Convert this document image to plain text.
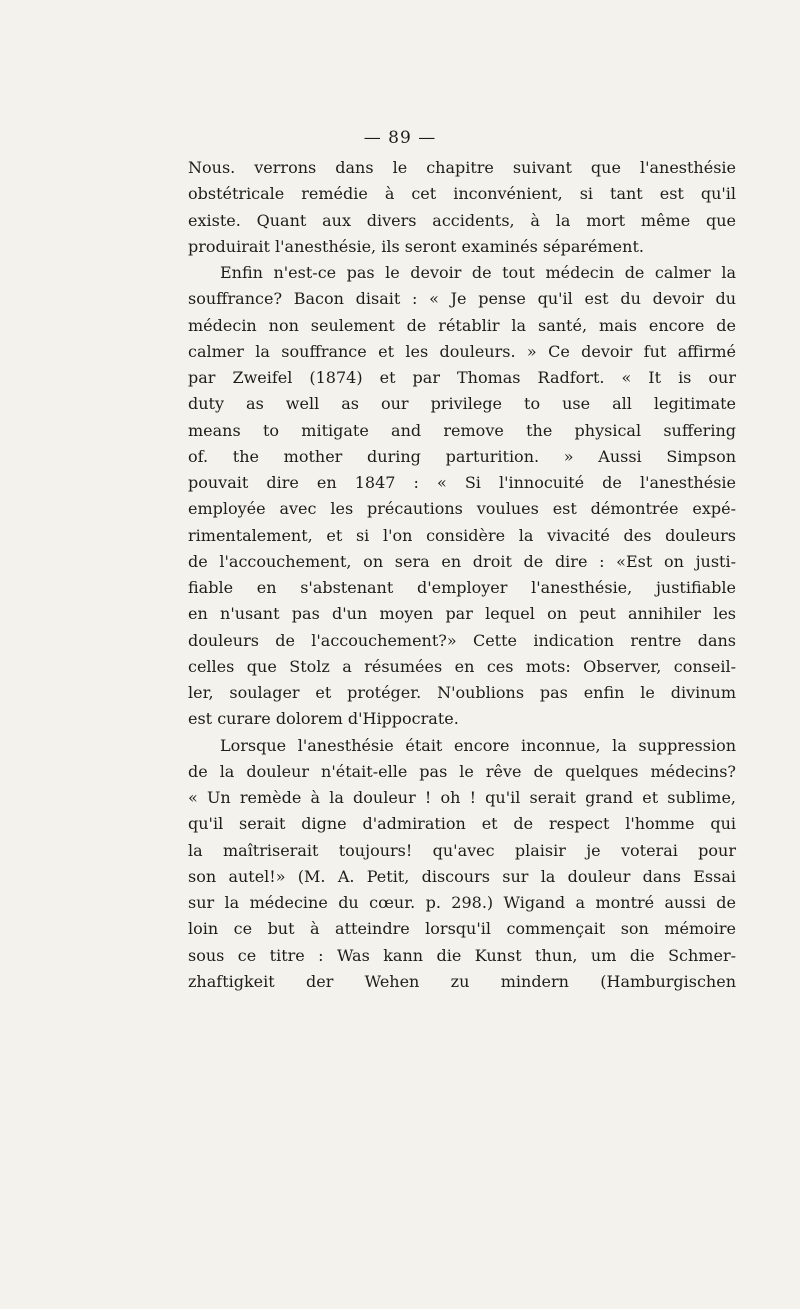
— 89 —
Nous. verrons dans le chapitre suivant que l'anesthésie
obstétricale remédie à cet inconvénient, si tant est qu'il
existe. Quant aux divers accidents, à la mort même que
produirait l'anesthésie, ils seront examinés séparément.
Enfin n'est-ce pas le devoir de tout médecin de calmer la
souffrance? Bacon disait : « Je pense qu'il est du devoir du
médecin non seulement de rétablir la santé, mais encore de
calmer la souffrance et les douleurs. » Ce devoir fut affirmé
par Zweifel (1874) et par Thomas Radfort. « It is our
duty as well as our privilege to use all legitimate
means to mitigate and remove the physical suffering
of. the mother during parturition. » Aussi Simpson
pouvait dire en 1847 : « Si l'innocuité de l'anesthésie
employée avec les précautions voulues est démontrée expé-
rimentalement, et si l'on considère la vivacité des douleurs
de l'accouchement, on sera en droit de dire : «Est on justi-
fiable en s'abstenant d'employer l'anesthésie, justifiable
en n'usant pas d'un moyen par lequel on peut annihiler les
douleurs de l'accouchement?» Cette indication rentre dans
celles que Stolz a résumées en ces mots: Observer, conseil-
ler, soulager et protéger. N'oublions pas enfin le divinum
est curare dolorem d'Hippocrate.
Lorsque l'anesthésie était encore inconnue, la suppression
de la douleur n'était-elle pas le rêve de quelques médecins?
« Un remède à la douleur ! oh ! qu'il serait grand et sublime,
qu'il serait digne d'admiration et de respect l'homme qui
la maîtriserait toujours! qu'avec plaisir je voterai pour
son autel!» (M. A. Petit, discours sur la douleur dans Essai
sur la médecine du cœur. p. 298.) Wigand a montré aussi de
loin ce but à atteindre lorsqu'il commençait son mémoire
sous ce titre : Was kann die Kunst thun, um die Schmer-
zhaftigkeit der Wehen zu mindern (Hamburgischen
